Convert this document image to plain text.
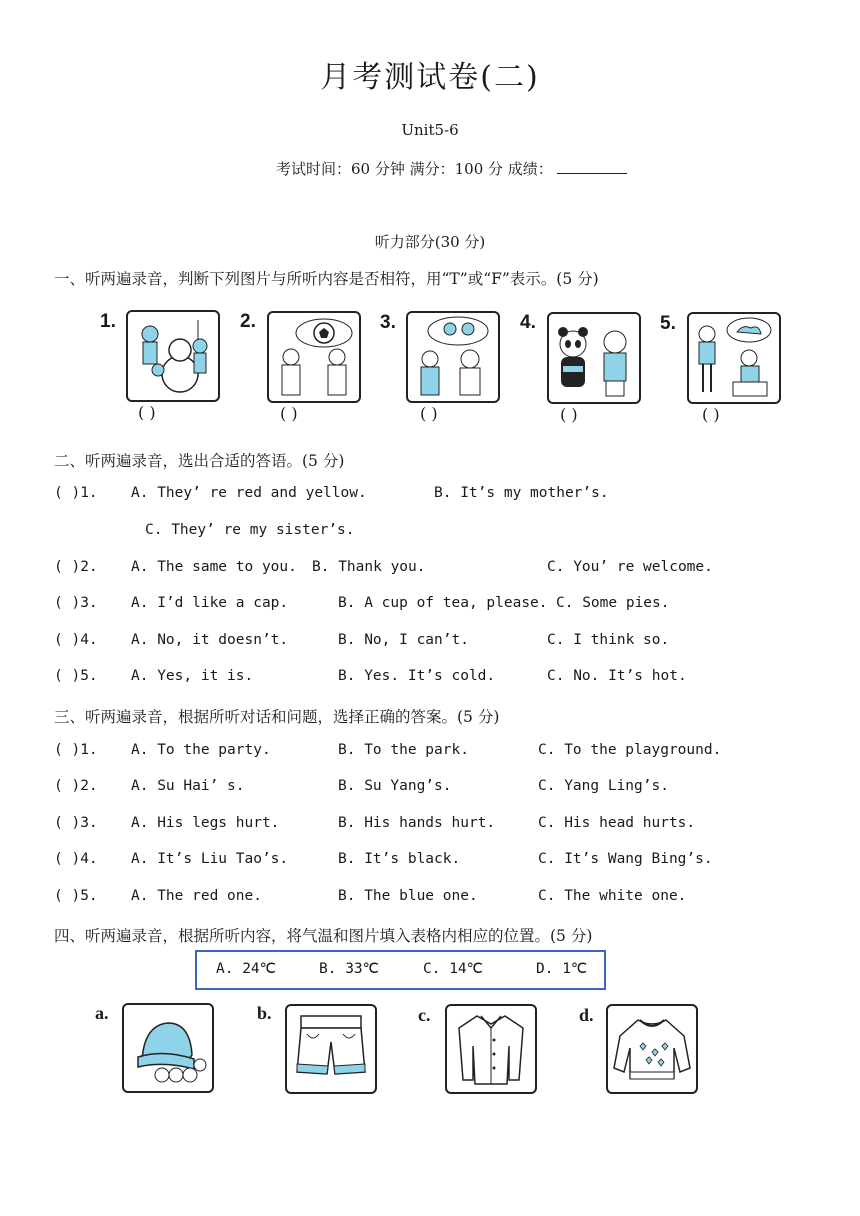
月考测试卷(二)
Unit5-6
考试时间：60 分钟 满分：100 分 成绩：
听力部分(30 分)
一、听两遍录音，判断下列图片与所听内容是否相符，用“T”或“F”表示。(5 分)
1.
( )
2.
( )
3.
( )
4.
( )
5.
( )
二、听两遍录音，选出合适的答语。(5 分)
( )1. A. They’ re red and yellow.	B. It’s my mother’s.
C. They’ re my sister’s.
( )2. A. The same to you. B. Thank you.	C. You’ re welcome.
( )3. A. I’d like a cap.	B. A cup of tea, please. C. Some pies.
( )4. A. No, it doesn’t.	B. No, I can’t.	C. I think so.
( )5. A. Yes, it is.	B. Yes. It’s cold.	C. No. It’s hot.
三、听两遍录音，根据所听对话和问题，选择正确的答案。(5 分)
( )1. A. To the party.	B. To the park.	C. To the playground.
( )2. A. Su Hai’ s.	B. Su Yang’s.	C. Yang Ling’s.
( )3. A. His legs hurt.	B. His hands hurt.	C. His head hurts.
( )4. A. It’s Liu Tao’s.	B. It’s black.	C. It’s Wang Bing’s.
( )5. A. The red one.	B. The blue one.	C. The white one.
四、听两遍录音，根据所听内容，将气温和图片填入表格内相应的位置。(5 分)
A. 24℃	B. 33℃	C. 14℃	D. 1℃
a.	b.	c.	d.
